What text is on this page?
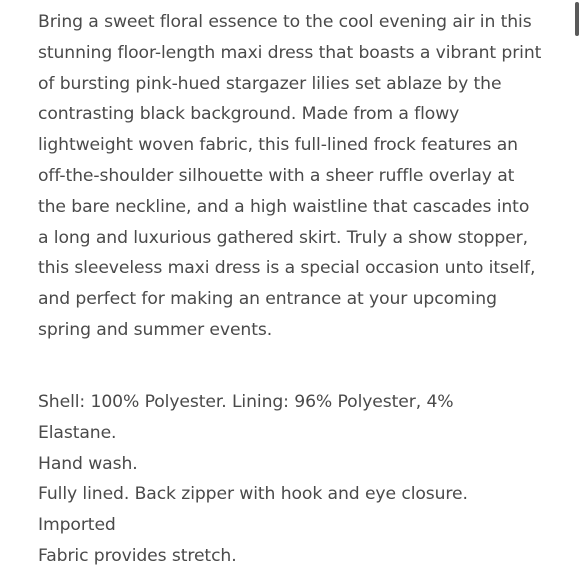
Bring a sweet floral essence to the cool evening air in this
stunning floor-length maxi dress that boasts a vibrant print
of bursting pink-hued stargazer lilies set ablaze by the
contrasting black background. Made from a flowy
lightweight woven fabric, this full-lined frock features an
off-the-shoulder silhouette with a sheer ruffle overlay at
the bare neckline, and a high waistline that cascades into
a long and luxurious gathered skirt. Truly a show stopper,
this sleeveless maxi dress is a special occasion unto itself,
and perfect for making an entrance at your upcoming
spring and summer events.

Shell: 100% Polyester. Lining: 96% Polyester, 4%
Elastane.
Hand wash.
Fully lined. Back zipper with hook and eye closure.
Imported
Fabric provides stretch.
